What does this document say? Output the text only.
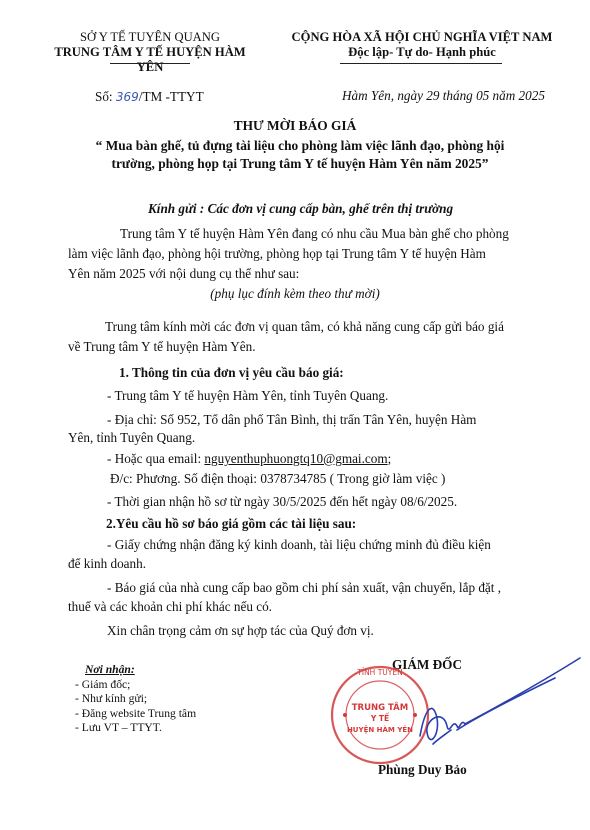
SỞ Y TẾ TUYÊN QUANG
TRUNG TÂM Y TẾ HUYỆN HÀM YÊN
CỘNG HÒA XÃ HỘI CHỦ NGHĨA VIỆT NAM
Độc lập- Tự do- Hạnh phúc
Số: 369/TM -TTYT	Hàm Yên, ngày 29 tháng 05 năm 2025
THƯ MỜI BÁO GIÁ
“ Mua bàn ghế, tủ đựng tài liệu cho phòng làm việc lãnh đạo, phòng hội
trường, phòng họp tại Trung tâm Y tế huyện Hàm Yên năm 2025”
Kính gửi : Các đơn vị cung cấp bàn, ghế trên thị trường
Trung tâm Y tế huyện Hàm Yên đang có nhu cầu Mua bàn ghế cho phòng
làm việc lãnh đạo, phòng hội trường, phòng họp tại Trung tâm Y tế huyện Hàm
Yên năm 2025 với nội dung cụ thể như sau:
(phụ lục đính kèm theo thư mời)
Trung tâm kính mời các đơn vị quan tâm, có khả năng cung cấp gửi báo giá
về Trung tâm Y tế huyện Hàm Yên.
1. Thông tin của đơn vị yêu cầu báo giá:
- Trung tâm Y tế huyện Hàm Yên, tỉnh Tuyên Quang.
- Địa chỉ: Số 952, Tổ dân phố Tân Bình, thị trấn Tân Yên, huyện Hàm
Yên, tỉnh Tuyên Quang.
- Hoặc qua email: nguyenthuphuongtq10@gmai.com;
Đ/c: Phương. Số điện thoại: 0378734785 ( Trong giờ làm việc )
- Thời gian nhận hồ sơ từ ngày 30/5/2025 đến hết ngày 08/6/2025.
2.Yêu cầu hồ sơ báo giá gồm các tài liệu sau:
- Giấy chứng nhận đăng ký kinh doanh, tài liệu chứng minh đủ điều kiện
để kinh doanh.
- Báo giá của nhà cung cấp bao gồm chi phí sản xuất, vận chuyển, lắp đặt ,
thuế và các khoản chi phí khác nếu có.
Xin chân trọng cảm ơn sự hợp tác của Quý đơn vị.
Nơi nhận:
- Giám đốc;
- Như kính gửi;
- Đăng website Trung tâm
- Lưu VT – TTYT.
GIÁM ĐỐC
TỈNH TUYÊN
TRUNG TÂM
Y TẾ
HUYỆN HÀM YÊN
Phùng Duy Bảo
